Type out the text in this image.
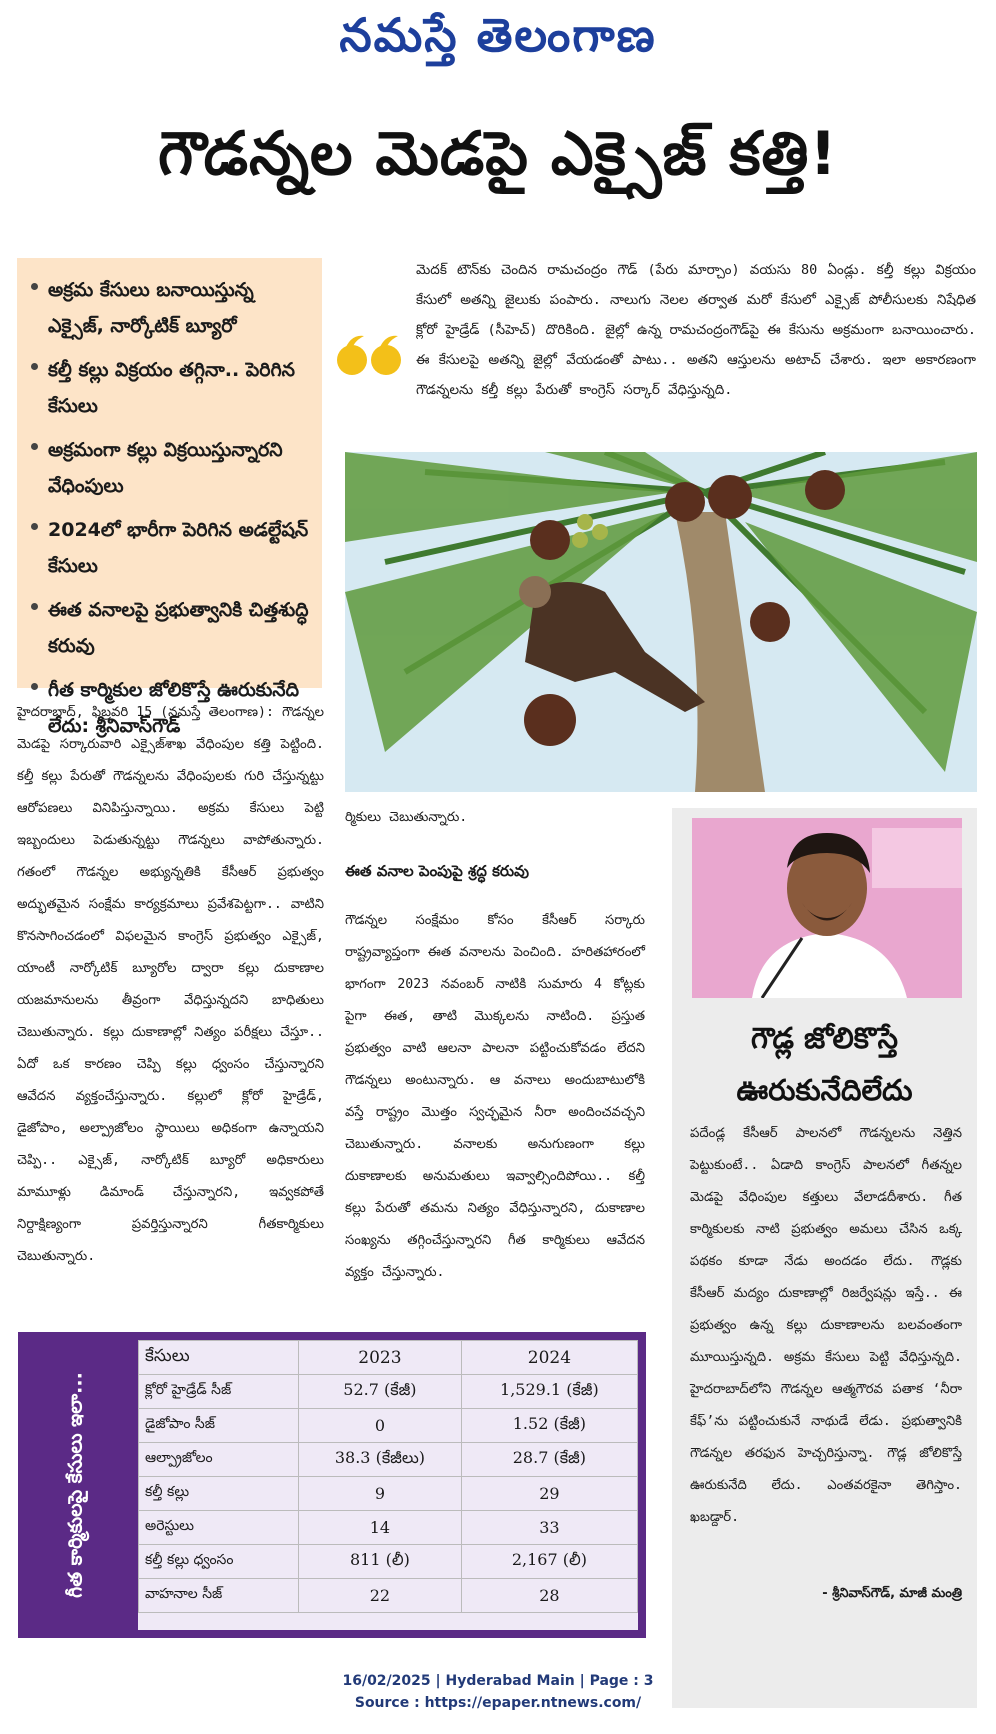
నమస్తే తెలంగాణ
గౌడన్నల మెడపై ఎక్సైజ్ కత్తి!
అక్రమ కేసులు బనాయిస్తున్న ఎక్సైజ్, నార్కోటిక్ బ్యూరో
కల్తీ కల్లు విక్రయం తగ్గినా.. పెరిగిన కేసులు
అక్రమంగా కల్లు విక్రయిస్తున్నారని వేధింపులు
2024లో భారీగా పెరిగిన అడల్టేషన్ కేసులు
ఈత వనాలపై ప్రభుత్వానికి చిత్తశుద్ధి కరువు
గీత కార్మికుల జోలికొస్తే ఊరుకునేది లేదు: శ్రీనివాస్‌గౌడ్
మెదక్ టౌన్‌కు చెందిన రామచంద్రం గౌడ్ (పేరు మార్చాం) వయసు 80 ఏండ్లు. కల్తీ కల్లు విక్రయం కేసులో అతన్ని జైలుకు పంపారు. నాలుగు నెలల తర్వాత మరో కేసులో ఎక్సైజ్ పోలీసులకు నిషేధిత క్లోరో హైడ్రేడ్ (సీహెచ్) దొరికింది. జైల్లో ఉన్న రామచంద్రంగౌడ్‌పై ఈ కేసును అక్రమంగా బనాయించారు. ఈ కేసులపై అతన్ని జైల్లో వేయడంతో పాటు.. అతని ఆస్తులను అటాచ్ చేశారు. ఇలా అకారణంగా గౌడన్నలను కల్తీ కల్లు పేరుతో కాంగ్రెస్ సర్కార్ వేధిస్తున్నది.
హైదరాబాద్, ఫిబ్రవరి 15 (నమస్తే తెలంగాణ): గౌడన్నల మెడపై సర్కారువారి ఎక్సైజ్‌శాఖ వేధింపుల కత్తి పెట్టింది. కల్తీ కల్లు పేరుతో గౌడన్నలను వేధింపులకు గురి చేస్తున్నట్టు ఆరోపణలు వినిపిస్తున్నాయి. అక్రమ కేసులు పెట్టి ఇబ్బందులు పెడుతున్నట్టు గౌడన్నలు వాపోతున్నారు. గతంలో గౌడన్నల అభ్యున్నతికి కేసీఆర్ ప్రభుత్వం అద్భుతమైన సంక్షేమ కార్యక్రమాలు ప్రవేశపెట్టగా.. వాటిని కొనసాగించడంలో విఫలమైన కాంగ్రెస్ ప్రభుత్వం ఎక్సైజ్, యాంటీ నార్కోటిక్ బ్యూరోల ద్వారా కల్లు దుకాణాల యజమానులను తీవ్రంగా వేధిస్తున్నదని బాధితులు చెబుతున్నారు. కల్లు దుకాణాల్లో నిత్యం పరీక్షలు చేస్తూ.. ఏదో ఒక కారణం చెప్పి కల్లు ధ్వంసం చేస్తున్నారని ఆవేదన వ్యక్తంచేస్తున్నారు. కల్లులో క్లోరో హైడ్రేడ్, డైజోపాం, అల్ప్రాజోలం స్థాయిలు అధికంగా ఉన్నాయని చెప్పి.. ఎక్సైజ్, నార్కోటిక్ బ్యూరో అధికారులు మామూళ్లు డిమాండ్ చేస్తున్నారని, ఇవ్వకపోతే నిర్దాక్షిణ్యంగా ప్రవర్తిస్తున్నారని గీతకార్మికులు చెబుతున్నారు.
ర్మికులు చెబుతున్నారు.
ఈత వనాల పెంపుపై శ్రద్ధ కరువు
గౌడన్నల సంక్షేమం కోసం కేసీఆర్ సర్కారు రాష్ట్రవ్యాప్తంగా ఈత వనాలను పెంచింది. హరితహారంలో భాగంగా 2023 నవంబర్ నాటికి సుమారు 4 కోట్లకు పైగా ఈత, తాటి మొక్కలను నాటింది. ప్రస్తుత ప్రభుత్వం వాటి ఆలనా పాలనా పట్టించుకోవడం లేదని గౌడన్నలు అంటున్నారు. ఆ వనాలు అందుబాటులోకి వస్తే రాష్ట్రం మొత్తం స్వచ్ఛమైన నీరా అందించవచ్చని చెబుతున్నారు. వనాలకు అనుగుణంగా కల్లు దుకాణాలకు అనుమతులు ఇవ్వాల్సిందిపోయి.. కల్తీ కల్లు పేరుతో తమను నిత్యం వేధిస్తున్నారని, దుకాణాల సంఖ్యను తగ్గించేస్తున్నారని గీత కార్మికులు ఆవేదన వ్యక్తం చేస్తున్నారు.
గౌడ్ల జోలికొస్తే ఊరుకునేదిలేదు
పదేండ్ల కేసీఆర్ పాలనలో గౌడన్నలను నెత్తిన పెట్టుకుంటే.. ఏడాది కాంగ్రెస్ పాలనలో గీతన్నల మెడపై వేధింపుల కత్తులు వేలాడదీశారు. గీత కార్మికులకు నాటి ప్రభుత్వం అమలు చేసిన ఒక్క పథకం కూడా నేడు అందడం లేదు. గౌడ్లకు కేసీఆర్ మద్యం దుకాణాల్లో రిజర్వేషన్లు ఇస్తే.. ఈ ప్రభుత్వం ఉన్న కల్లు దుకాణాలను బలవంతంగా మూయిస్తున్నది. అక్రమ కేసులు పెట్టి వేధిస్తున్నది. హైదరాబాద్‌లోని గౌడన్నల ఆత్మగౌరవ పతాక ‘నీరా కేఫ్’ను పట్టించుకునే నాథుడే లేడు. ప్రభుత్వానికి గౌడన్నల తరఫున హెచ్చరిస్తున్నా. గౌడ్ల జోలికొస్తే ఊరుకునేది లేదు. ఎంతవరకైనా తెగిస్తాం. ఖబడ్దార్.
- శ్రీనివాస్‌గౌడ్, మాజీ మంత్రి
గీత కార్మికులపై కేసులు ఇలా...
కేసులు	2023	2024
క్లోరో హైడ్రేడ్ సీజ్	52.7 (కేజీ)	1,529.1 (కేజీ)
డైజోపాం సీజ్	0	1.52 (కేజీ)
ఆల్ప్రాజోలం	38.3 (కేజీలు)	28.7 (కేజీ)
కల్తీ కల్లు	9	29
అరెస్టులు	14	33
కల్తీ కల్లు ధ్వంసం	811 (లీ)	2,167 (లీ)
వాహనాల సీజ్	22	28
16/02/2025 | Hyderabad Main | Page : 3
Source : https://epaper.ntnews.com/
